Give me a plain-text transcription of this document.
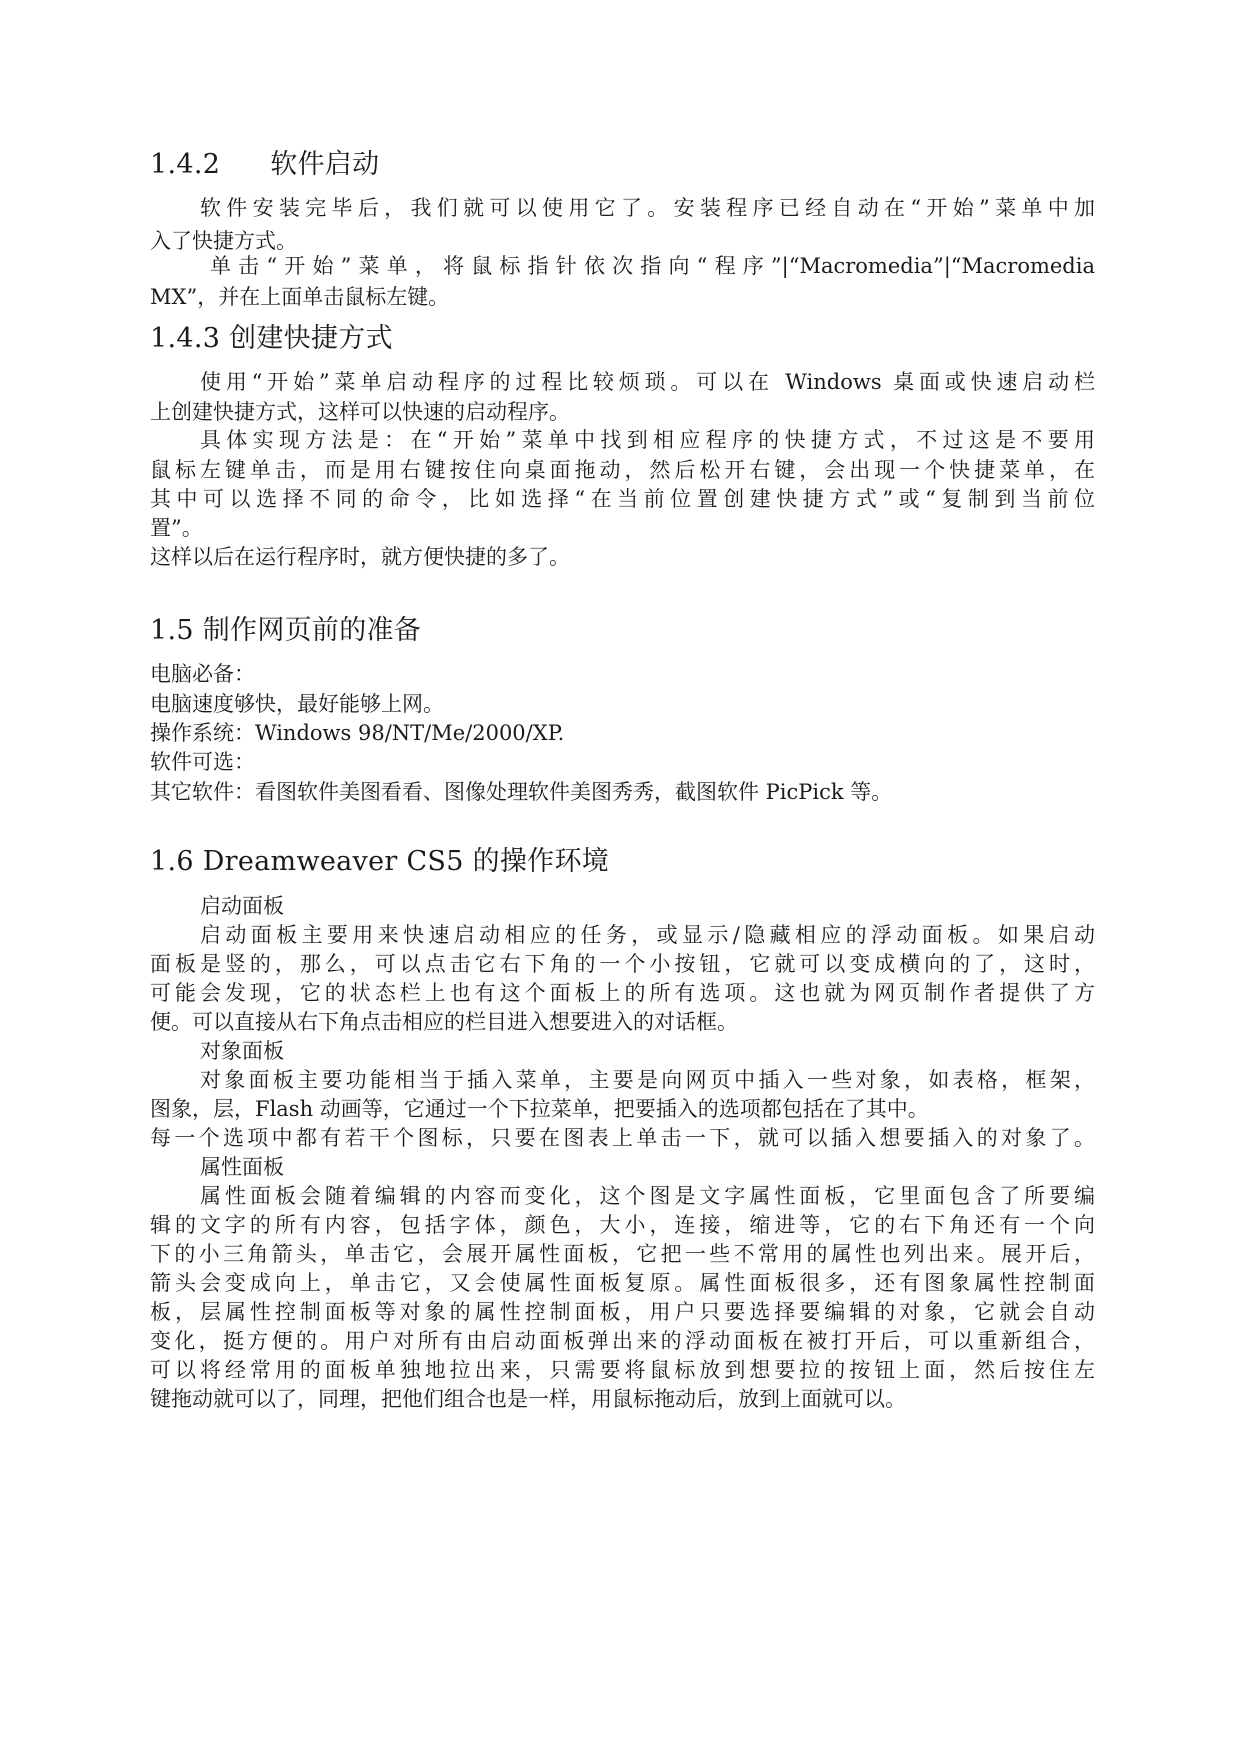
1.4.2 软件启动
软件安装完毕后，我们就可以使用它了。安装程序已经自动在“开始”菜单中加
入了快捷方式。
单击“开始”菜单，将鼠标指针依次指向“程序”|“Macromedia”|“Macromedia
MX”，并在上面单击鼠标左键。
1.4.3 创建快捷方式
使用“开始”菜单启动程序的过程比较烦琐。可以在 Windows 桌面或快速启动栏
上创建快捷方式，这样可以快速的启动程序。
具体实现方法是：在“开始”菜单中找到相应程序的快捷方式，不过这是不要用
鼠标左键单击，而是用右键按住向桌面拖动，然后松开右键，会出现一个快捷菜单，在
其中可以选择不同的命令，比如选择“在当前位置创建快捷方式”或“复制到当前位
置”。
这样以后在运行程序时，就方便快捷的多了。
1.5 制作网页前的准备
电脑必备：
电脑速度够快，最好能够上网。
操作系统：Windows 98/NT/Me/2000/XP.
软件可选：
其它软件：看图软件美图看看、图像处理软件美图秀秀，截图软件 PicPick 等。
1.6 Dreamweaver CS5 的操作环境
启动面板
启动面板主要用来快速启动相应的任务，或显示/隐藏相应的浮动面板。如果启动
面板是竖的，那么，可以点击它右下角的一个小按钮，它就可以变成横向的了，这时，
可能会发现，它的状态栏上也有这个面板上的所有选项。这也就为网页制作者提供了方
便。可以直接从右下角点击相应的栏目进入想要进入的对话框。
对象面板
对象面板主要功能相当于插入菜单，主要是向网页中插入一些对象，如表格，框架，
图象，层，Flash 动画等，它通过一个下拉菜单，把要插入的选项都包括在了其中。
每一个选项中都有若干个图标，只要在图表上单击一下，就可以插入想要插入的对象了。
属性面板
属性面板会随着编辑的内容而变化，这个图是文字属性面板，它里面包含了所要编
辑的文字的所有内容，包括字体，颜色，大小，连接，缩进等，它的右下角还有一个向
下的小三角箭头，单击它，会展开属性面板，它把一些不常用的属性也列出来。展开后，
箭头会变成向上，单击它，又会使属性面板复原。属性面板很多，还有图象属性控制面
板，层属性控制面板等对象的属性控制面板，用户只要选择要编辑的对象，它就会自动
变化，挺方便的。用户对所有由启动面板弹出来的浮动面板在被打开后，可以重新组合，
可以将经常用的面板单独地拉出来，只需要将鼠标放到想要拉的按钮上面，然后按住左
键拖动就可以了，同理，把他们组合也是一样，用鼠标拖动后，放到上面就可以。
